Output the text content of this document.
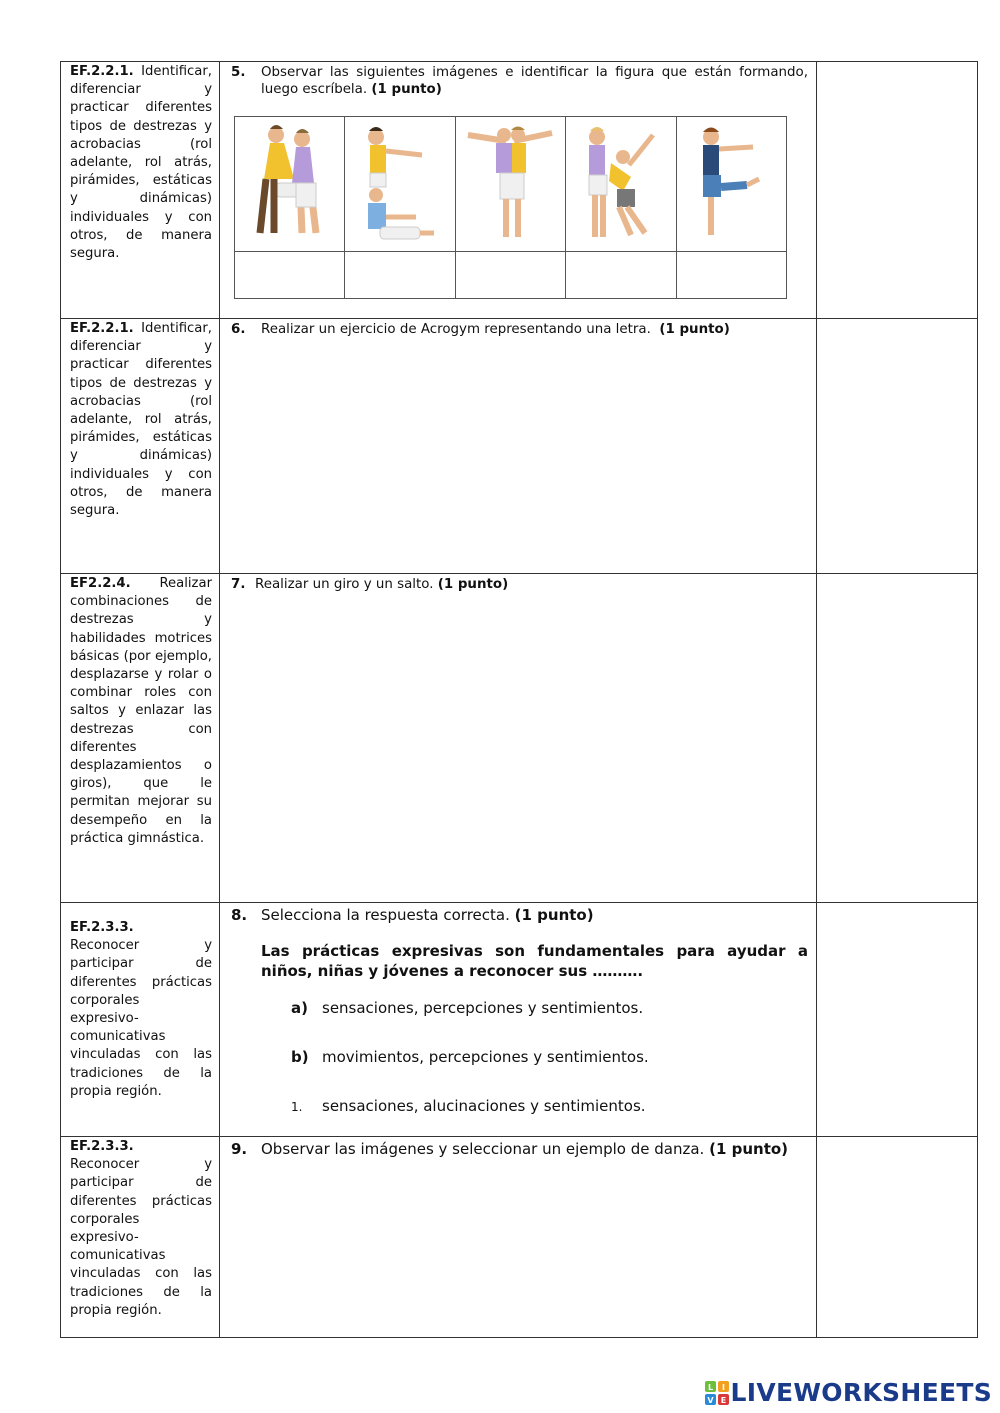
EF.2.2.1. Identificar, diferenciar y practicar diferentes tipos de destrezas y acrobacias (rol adelante, rol atrás, pirámides, estáticas y dinámicas) individuales y con otros, de manera segura.	
5.	Observar las siguientes imágenes e identificar la figura que están formando, luego escríbela. (1 punto)

EF.2.2.1. Identificar, diferenciar y practicar diferentes tipos de destrezas y acrobacias (rol adelante, rol atrás, pirámides, estáticas y dinámicas) individuales y con otros, de manera segura.	
6.	Realizar un ejercicio de Acrogym representando una letra. (1 punto)

EF2.2.4. Realizar combinaciones de destrezas y habilidades motrices básicas (por ejemplo, desplazarse y rolar o combinar roles con saltos y enlazar las destrezas con diferentes desplazamientos o giros), que le permitan mejorar su desempeño en la práctica gimnástica.	
7. Realizar un giro y un salto. (1 punto)

EF.2.3.3.
Reconocer y participar de diferentes prácticas corporales expresivo-comunicativas vinculadas con las tradiciones de la propia región.	
8. Selecciona la respuesta correcta. (1 punto)
Las prácticas expresivas son fundamentales para ayudar a niños, niñas y jóvenes a reconocer sus ……….
a) sensaciones, percepciones y sentimientos.
b) movimientos, percepciones y sentimientos.
1.	sensaciones, alucinaciones y sentimientos.

EF.2.3.3.
Reconocer y participar de diferentes prácticas corporales expresivo-comunicativas vinculadas con las tradiciones de la propia región.	
9. Observar las imágenes y seleccionar un ejemplo de danza. (1 punto)

L I
V E LIVEWORKSHEETS
